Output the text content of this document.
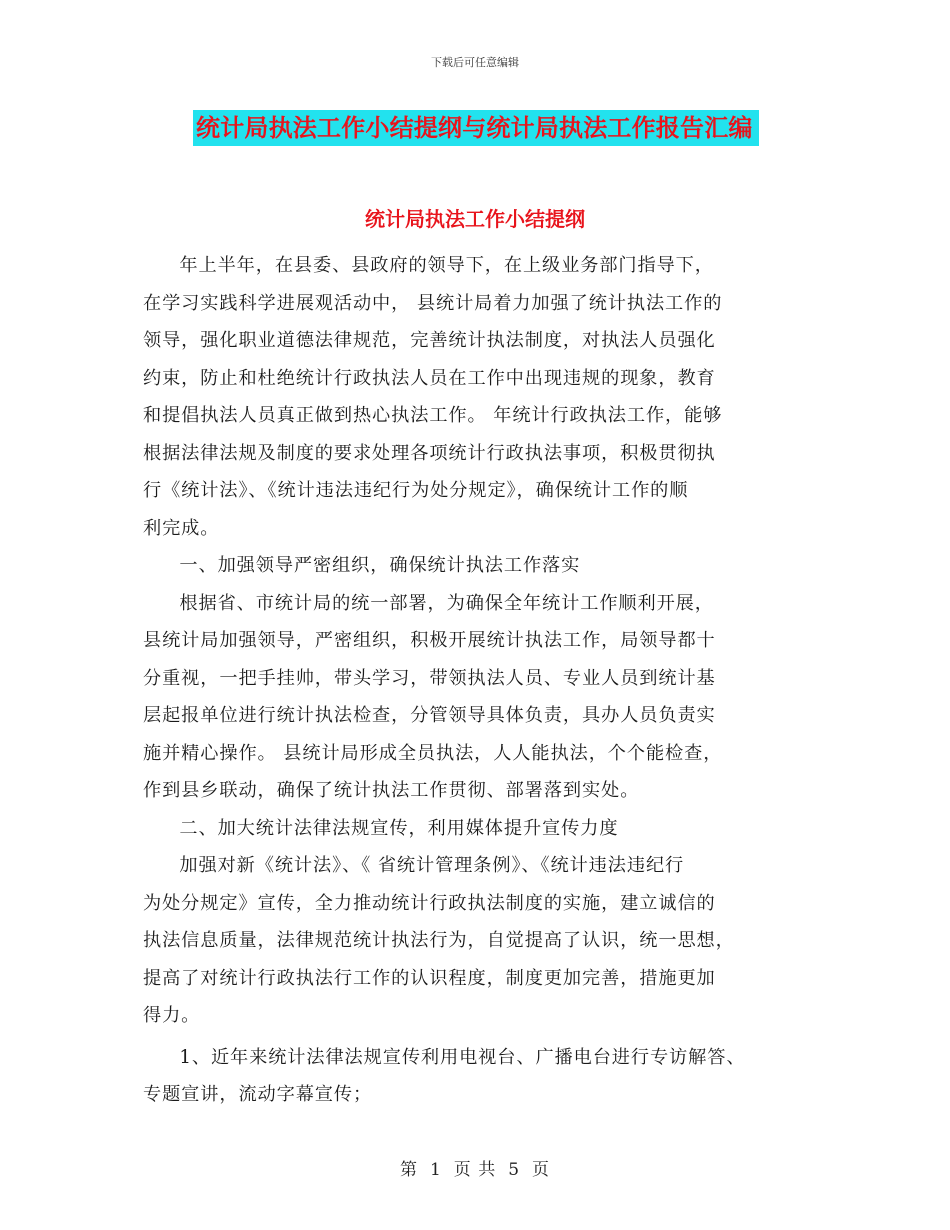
下载后可任意编辑
统计局执法工作小结提纲与统计局执法工作报告汇编
统计局执法工作小结提纲

年上半年，在县委、县政府的领导下，在上级业务部门指导下，
在学习实践科学进展观活动中， 县统计局着力加强了统计执法工作的
领导，强化职业道德法律规范，完善统计执法制度，对执法人员强化
约束，防止和杜绝统计行政执法人员在工作中出现违规的现象，教育
和提倡执法人员真正做到热心执法工作。 年统计行政执法工作，能够
根据法律法规及制度的要求处理各项统计行政执法事项，积极贯彻执
行《统计法》、《统计违法违纪行为处分规定》，确保统计工作的顺
利完成。

一、加强领导严密组织，确保统计执法工作落实

根据省、市统计局的统一部署，为确保全年统计工作顺利开展，
县统计局加强领导，严密组织，积极开展统计执法工作，局领导都十
分重视，一把手挂帅，带头学习，带领执法人员、专业人员到统计基
层起报单位进行统计执法检查，分管领导具体负责，具办人员负责实
施并精心操作。 县统计局形成全员执法，人人能执法，个个能检查，
作到县乡联动，确保了统计执法工作贯彻、部署落到实处。

二、加大统计法律法规宣传，利用媒体提升宣传力度

加强对新《统计法》、《 省统计管理条例》、《统计违法违纪行
为处分规定》宣传，全力推动统计行政执法制度的实施，建立诚信的
执法信息质量，法律规范统计执法行为，自觉提高了认识，统一思想，
提高了对统计行政执法行工作的认识程度，制度更加完善，措施更加
得力。

1、近年来统计法律法规宣传利用电视台、广播电台进行专访解答、
专题宣讲，流动字幕宣传；

第 1 页 共 5 页
